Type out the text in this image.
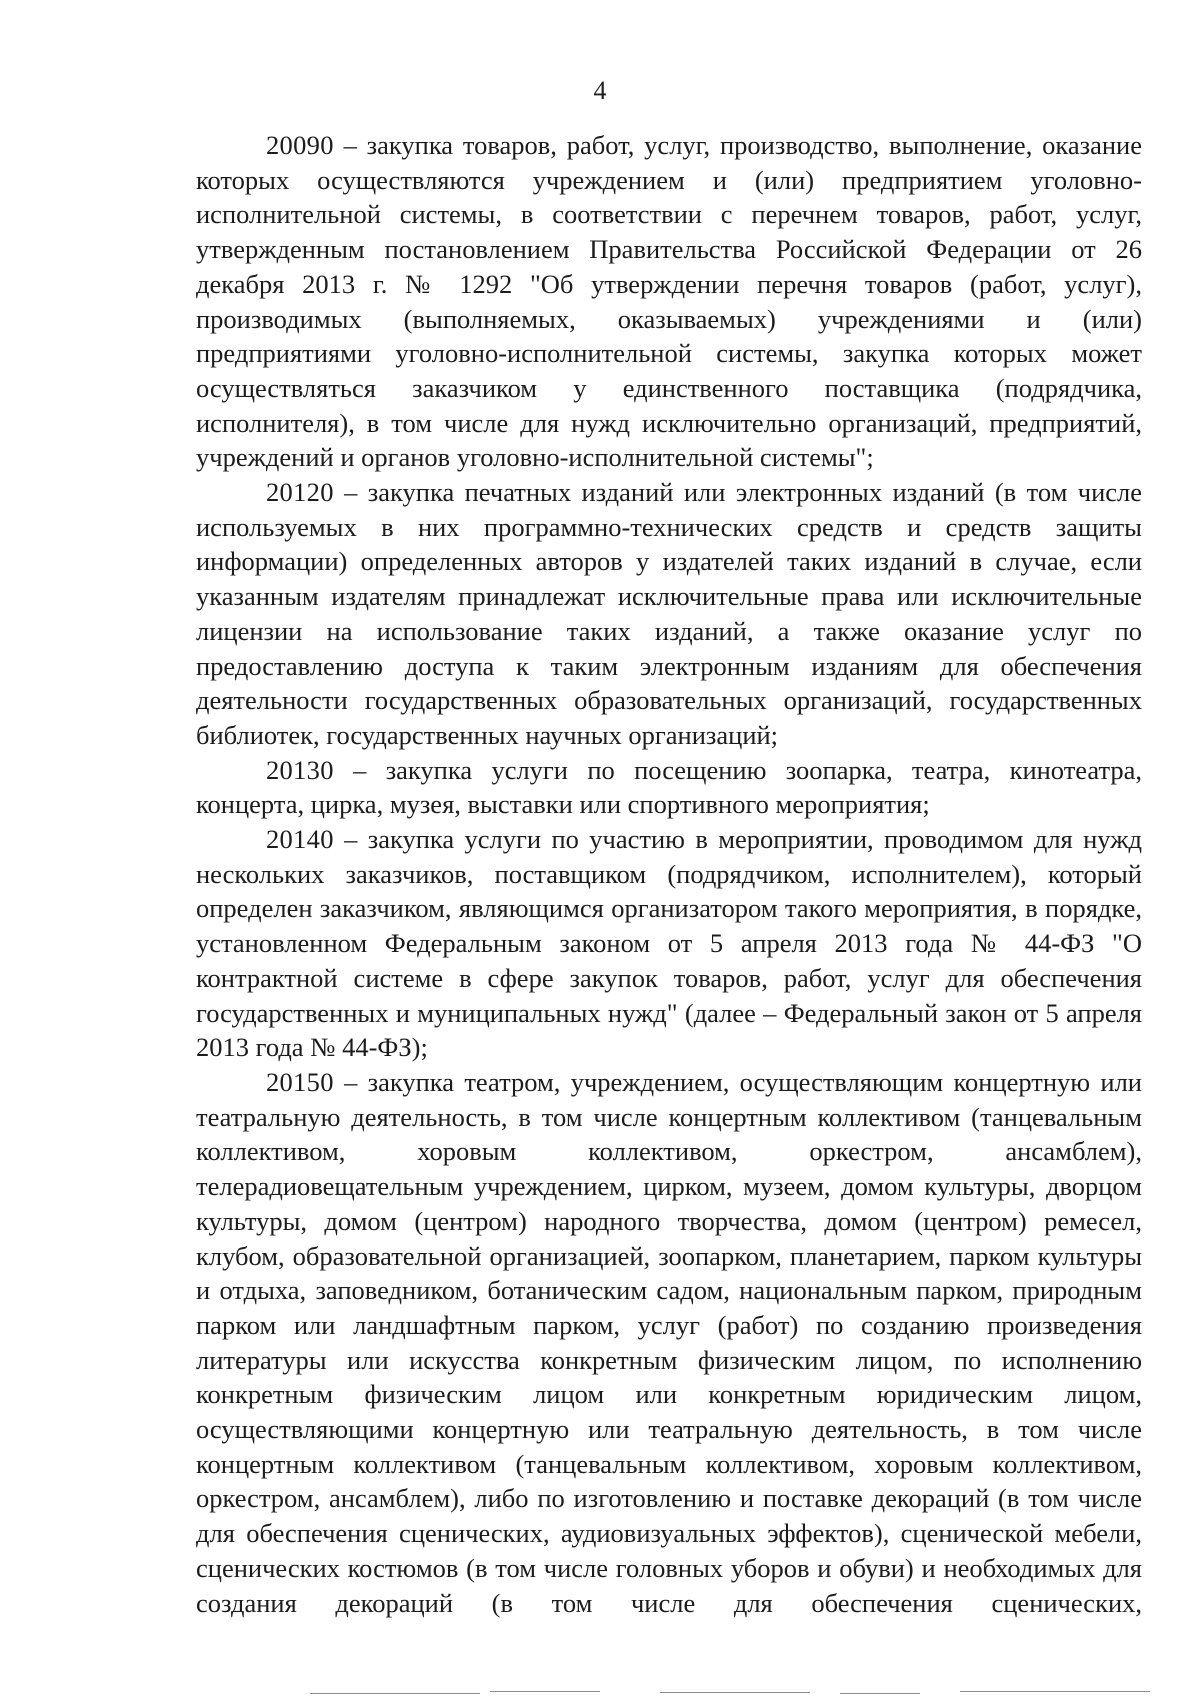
4

20090 – закупка товаров, работ, услуг, производство, выполнение, оказание которых осуществляются учреждением и (или) предприятием уголовно-исполнительной системы, в соответствии с перечнем товаров, работ, услуг, утвержденным постановлением Правительства Российской Федерации от 26 декабря 2013 г. № 1292 "Об утверждении перечня товаров (работ, услуг), производимых (выполняемых, оказываемых) учреждениями и (или) предприятиями уголовно-исполнительной системы, закупка которых может осуществляться заказчиком у единственного поставщика (подрядчика, исполнителя), в том числе для нужд исключительно организаций, предприятий, учреждений и органов уголовно-исполнительной системы";

20120 – закупка печатных изданий или электронных изданий (в том числе используемых в них программно-технических средств и средств защиты информации) определенных авторов у издателей таких изданий в случае, если указанным издателям принадлежат исключительные права или исключительные лицензии на использование таких изданий, а также оказание услуг по предоставлению доступа к таким электронным изданиям для обеспечения деятельности государственных образовательных организаций, государственных библиотек, государственных научных организаций;

20130 – закупка услуги по посещению зоопарка, театра, кинотеатра, концерта, цирка, музея, выставки или спортивного мероприятия;

20140 – закупка услуги по участию в мероприятии, проводимом для нужд нескольких заказчиков, поставщиком (подрядчиком, исполнителем), который определен заказчиком, являющимся организатором такого мероприятия, в порядке, установленном Федеральным законом от 5 апреля 2013 года № 44-ФЗ "О контрактной системе в сфере закупок товаров, работ, услуг для обеспечения государственных и муниципальных нужд" (далее – Федеральный закон от 5 апреля 2013 года № 44-ФЗ);

20150 – закупка театром, учреждением, осуществляющим концертную или театральную деятельность, в том числе концертным коллективом (танцевальным коллективом, хоровым коллективом, оркестром, ансамблем), телерадиовещательным учреждением, цирком, музеем, домом культуры, дворцом культуры, домом (центром) народного творчества, домом (центром) ремесел, клубом, образовательной организацией, зоопарком, планетарием, парком культуры и отдыха, заповедником, ботаническим садом, национальным парком, природным парком или ландшафтным парком, услуг (работ) по созданию произведения литературы или искусства конкретным физическим лицом, по исполнению конкретным физическим лицом или конкретным юридическим лицом, осуществляющими концертную или театральную деятельность, в том числе концертным коллективом (танцевальным коллективом, хоровым коллективом, оркестром, ансамблем), либо по изготовлению и поставке декораций (в том числе для обеспечения сценических, аудиовизуальных эффектов), сценической мебели, сценических костюмов (в том числе головных уборов и обуви) и необходимых для создания декораций (в том числе для обеспечения сценических,
